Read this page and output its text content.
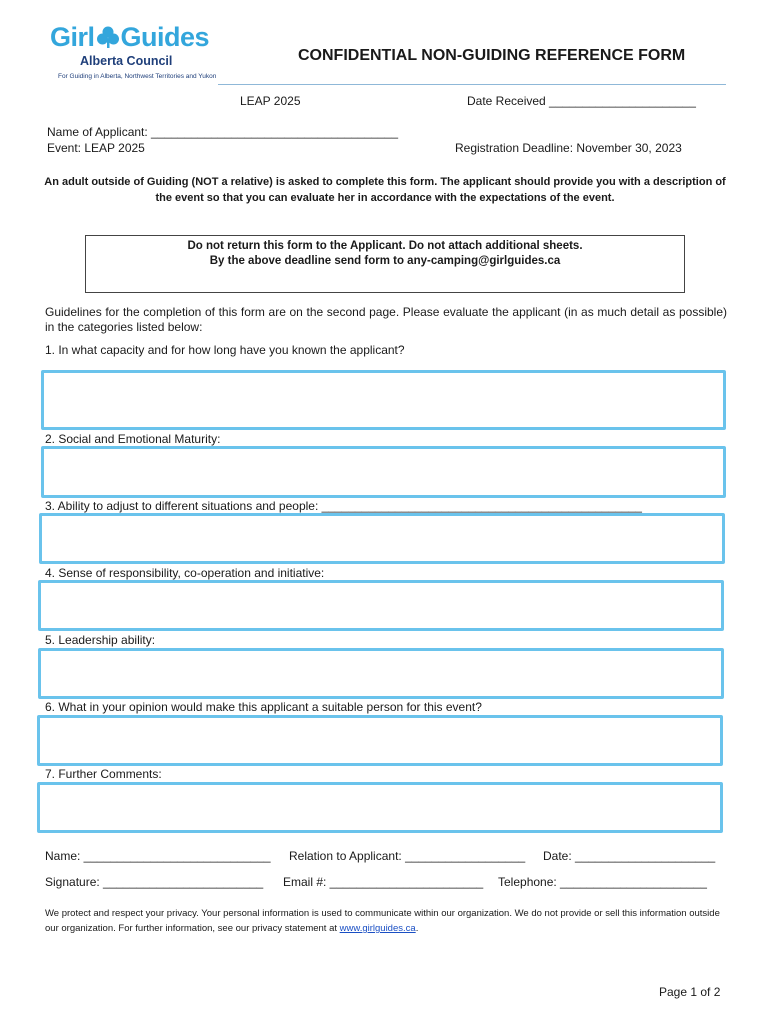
Girl Guides
Alberta Council
For Guiding in Alberta, Northwest Territories and Yukon
CONFIDENTIAL NON-GUIDING REFERENCE FORM
LEAP 2025	Date Received ______________________
Name of Applicant: _____________________________________
Event: LEAP 2025	Registration Deadline: November 30, 2023
An adult outside of Guiding (NOT a relative) is asked to complete this form. The applicant should provide you with a description of the event so that you can evaluate her in accordance with the expectations of the event.
Do not return this form to the Applicant. Do not attach additional sheets.
By the above deadline send form to any-camping@girlguides.ca
Guidelines for the completion of this form are on the second page. Please evaluate the applicant (in as much detail as possible) in the categories listed below:
1. In what capacity and for how long have you known the applicant?
2. Social and Emotional Maturity:
3. Ability to adjust to different situations and people: ________________________________________________
4. Sense of responsibility, co-operation and initiative:
5. Leadership ability:
6. What in your opinion would make this applicant a suitable person for this event?
7. Further Comments:
Name: ____________________________ Relation to Applicant: __________________ Date: _____________________
Signature: ________________________ Email #: _______________________ Telephone: ______________________
We protect and respect your privacy. Your personal information is used to communicate within our organization. We do not provide or sell this information outside our organization. For further information, see our privacy statement at www.girlguides.ca.
Page 1 of 2
